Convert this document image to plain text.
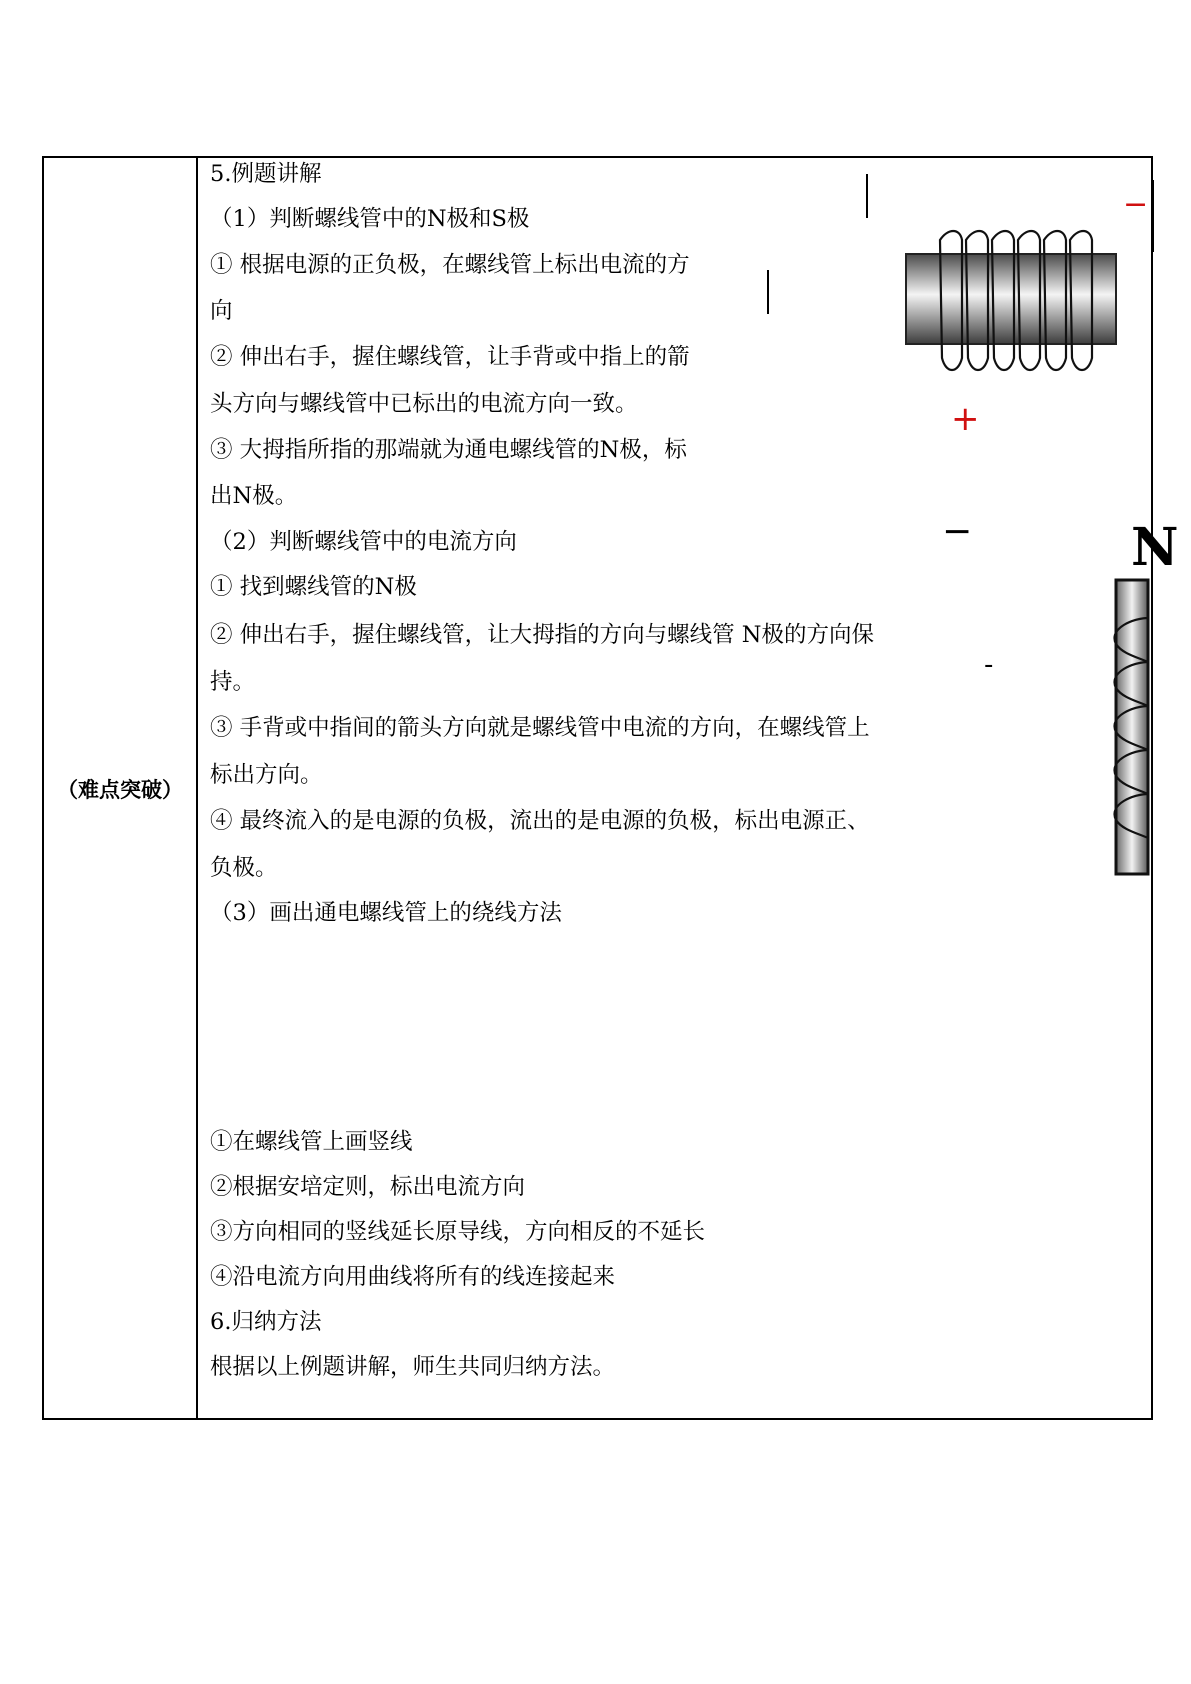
（难点突破）
5.例题讲解
（1）判断螺线管中的N极和S极
① 根据电源的正负极，在螺线管上标出电流的方
向
② 伸出右手，握住螺线管，让手背或中指上的箭
头方向与螺线管中已标出的电流方向一致。
③ 大拇指所指的那端就为通电螺线管的N极，标
出N极。
（2）判断螺线管中的电流方向
① 找到螺线管的N极
② 伸出右手，握住螺线管，让大拇指的方向与螺线管 N极的方向保
持。
③ 手背或中指间的箭头方向就是螺线管中电流的方向，在螺线管上
标出方向。
④ 最终流入的是电源的负极，流出的是电源的负极，标出电源正、
负极。
（3）画出通电螺线管上的绕线方法
①在螺线管上画竖线
②根据安培定则，标出电流方向
③方向相同的竖线延长原导线，方向相反的不延长
④沿电流方向用曲线将所有的线连接起来
6.归纳方法
根据以上例题讲解，师生共同归纳方法。
−
+
−
-
N
